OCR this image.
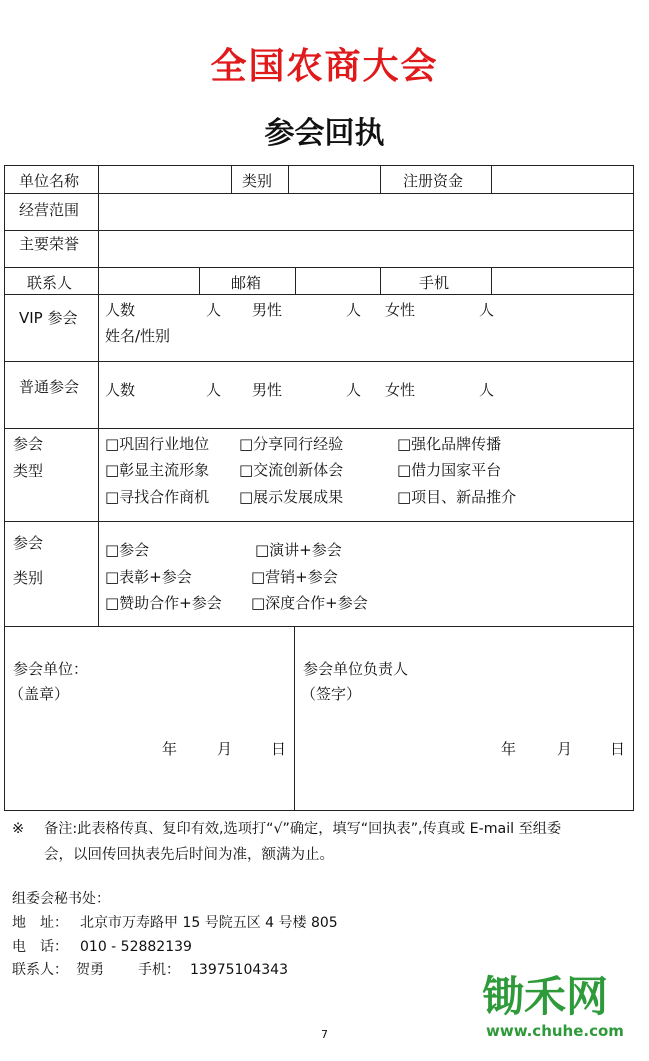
全国农商大会
参会回执
单位名称	类别	注册资金
经营范围
主要荣誉
联系人	邮箱	手机
VIP 参会 人数	人 男性	人 女性	人
姓名/性别
普通参会 人数	人 男性	人 女性	人
参会
类型
□巩固行业地位 □分享同行经验	□强化品牌传播
□彰显主流形象 □交流创新体会	□借力国家平台
□寻找合作商机 □展示发展成果	□项目、新品推介
参会
类别
□参会	□演讲+参会
□表彰+参会	□营销+参会
□赞助合作+参会 □深度合作+参会
参会单位：
（盖章）
年	月	日
参会单位负责人
（签字）
年	月	日
※ 备注:此表格传真、复印有效,选项打“√”确定，填写“回执表”,传真或 E-mail 至组委
会，以回传回执表先后时间为准，额满为止。
组委会秘书处：
地　址： 北京市万寿路甲 15 号院五区 4 号楼 805
电　话： 010 - 52882139
联系人： 贺勇 手机： 13975104343
锄禾网
www.chuhe.com
7
